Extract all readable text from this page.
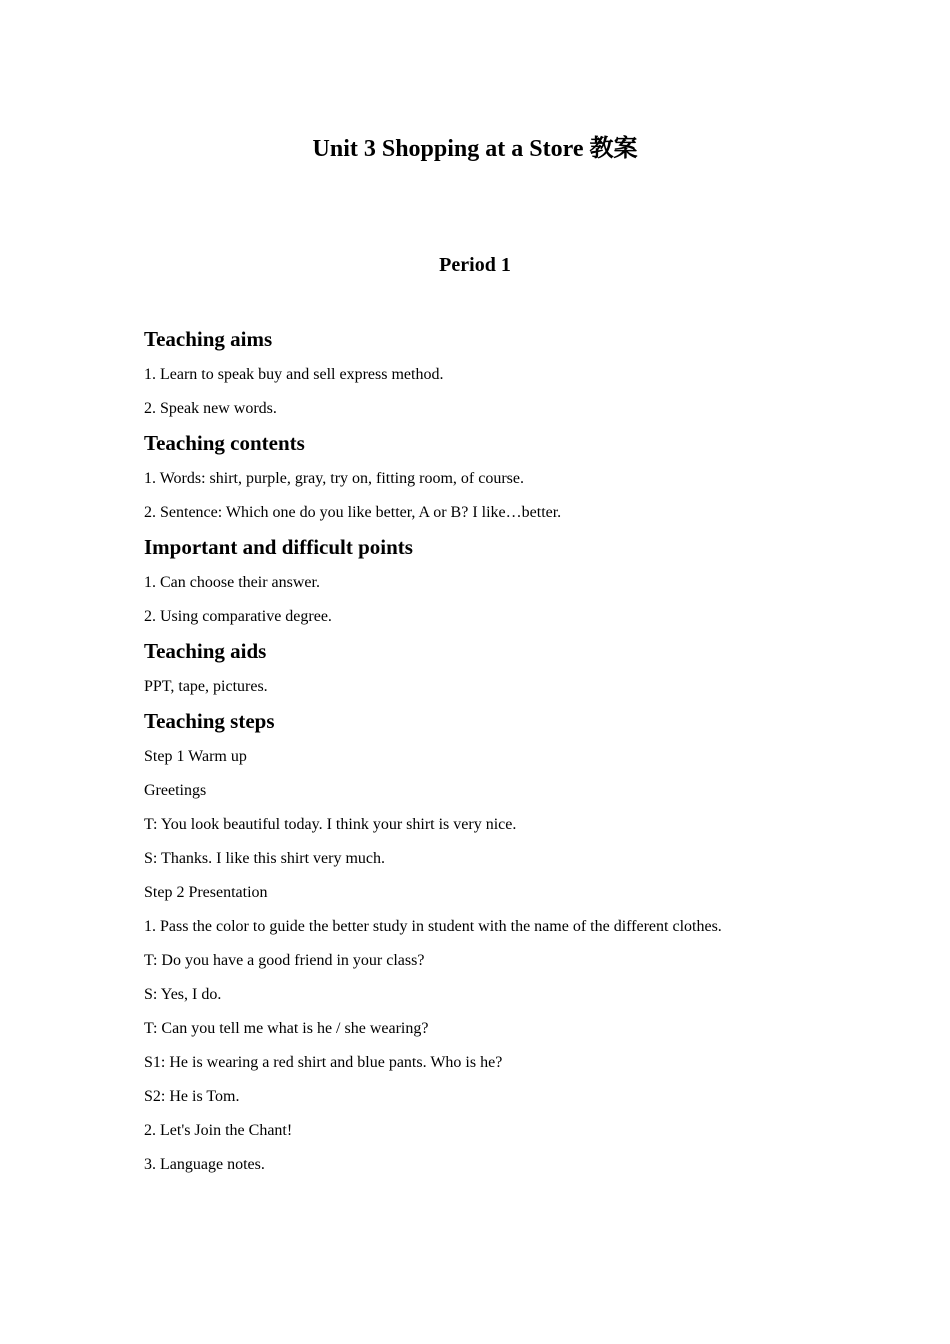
Unit 3 Shopping at a Store 教案
Period 1
Teaching aims
1. Learn to speak buy and sell express method.
2. Speak new words.
Teaching contents
1. Words: shirt, purple, gray, try on, fitting room, of course.
2. Sentence: Which one do you like better, A or B? I like…better.
Important and difficult points
1. Can choose their answer.
2. Using comparative degree.
Teaching aids
PPT, tape, pictures.
Teaching steps
Step 1 Warm up
Greetings
T: You look beautiful today. I think your shirt is very nice.
S: Thanks. I like this shirt very much.
Step 2 Presentation
1. Pass the color to guide the better study in student with the name of the different clothes.
T: Do you have a good friend in your class?
S: Yes, I do.
T: Can you tell me what is he / she wearing?
S1: He is wearing a red shirt and blue pants. Who is he?
S2: He is Tom.
2. Let's Join the Chant!
3. Language notes.
